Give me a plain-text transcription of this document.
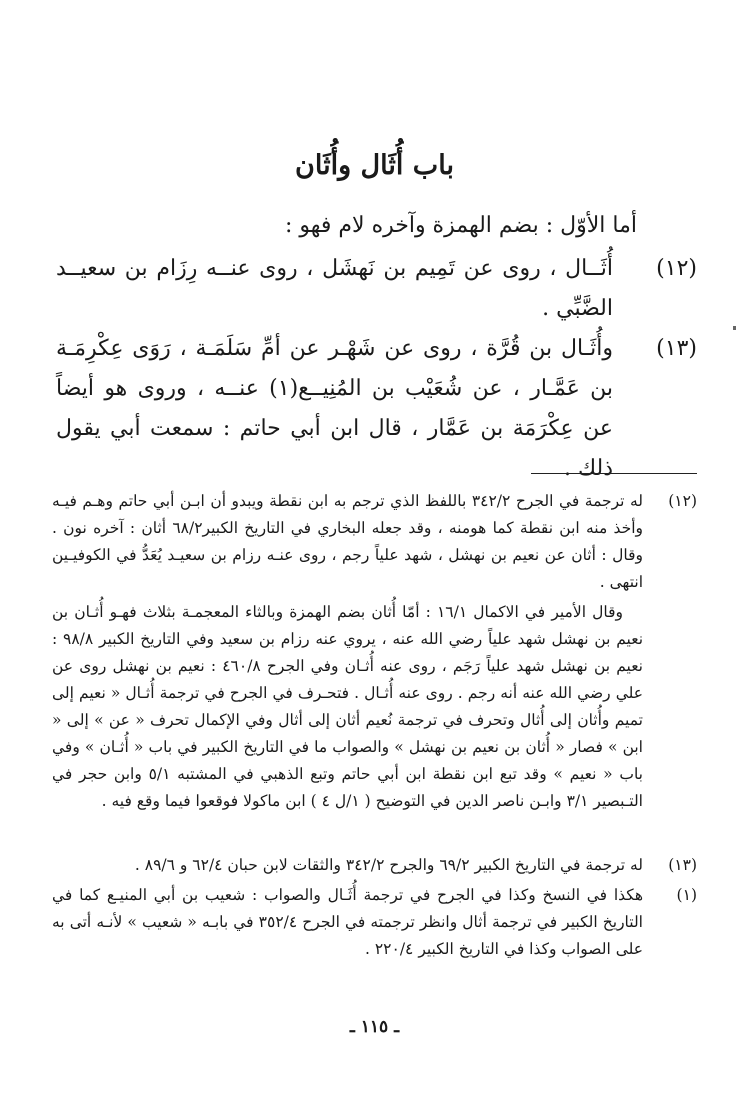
باب أُثَال وأُثَان

أما الأوّل : بضم الهمزة وآخره لام فهو :

(١٢)
أُثَــال ، روى عن تَمِيم بن نَهشَل ، روى عنــه رِزَام بن سعيــد الضَّبِّي .
(١٣)
وأُثَـال بن قُرَّة ، روى عن شَهْـر عن أمِّ سَلَمَـة ، رَوَى عِكْرِمَـة بن عَمَّـار ، عن شُعَيْب بن المُنِيــع(١) عنــه ، وروى هو أيضاً عن عِكْرَمَة بن عَمَّار ، قال ابن أبي حاتم : سمعت أبي يقول ذلك .
(١٢)

له ترجمة في الجرح ٣٤٢/٢ باللفظ الذي ترجم به ابن نقطة ويبدو أن ابـن أبي حاتم وهـم فيـه وأخذ منه ابن نقطة كما هومنه ، وقد جعله البخاري في التاريخ الكبير٦٨/٢ أثان : آخره نون . وقال : أثان عن نعيم بن نهشل ، شهد علياً رجم ، روى عنـه رزام بن سعيـد يُعَدُّ في الكوفيـين انتهى .

وقال الأمير في الاكمال ١٦/١ : أمّا أُثان بضم الهمزة وبالثاء المعجمـة بثلاث فهـو أُثـان بن نعيم بن نهشل شهد علياً رضي الله عنه ، يروي عنه رزام بن سعيد وفي التاريخ الكبير ٩٨/٨ : نعيم بن نهشل شهد علياً رَجَم ، روى عنه أُثـان وفي الجرح ٤٦٠/٨ : نعيم بن نهشل روى عن علي رضي الله عنه أنه رجم . روى عنه أُثـال . فتحـرف في الجرح في ترجمة أُثـال « نعيم إلى تميم وأُثان إلى أُثال وتحرف في ترجمة نُعيم أثان إلى أثال وفي الإكمال تحرف « عن » إلى « ابن » فصار « أُثان بن نعيم بن نهشل » والصواب ما في التاريخ الكبير في باب « أُثـان » وفي باب « نعيم » وقد تبع ابن نقطة ابن أبي حاتم وتبع الذهبي في المشتبه ٥/١ وابن حجر في التـبصير ٣/١ وابـن ناصر الدين في التوضيح ( ١/ل ٤ ) ابن ماكولا فوقعوا فيما وقع فيه .

(١٣)

له ترجمة في التاريخ الكبير ٦٩/٢ والجرح ٣٤٢/٢ والثقات لابن حبان ٦٢/٤ و ٨٩/٦ .

(١)

هكذا في النسخ وكذا في الجرح في ترجمة أُثَـال والصواب : شعيب بن أبي المنيـع كما في التاريخ الكبير في ترجمة أثال وانظر ترجمته في الجرح ٣٥٢/٤ في بابـه « شعيب » لأنـه أتى به على الصواب وكذا في التاريخ الكبير ٢٢٠/٤ .

ـ ١١٥ ـ
